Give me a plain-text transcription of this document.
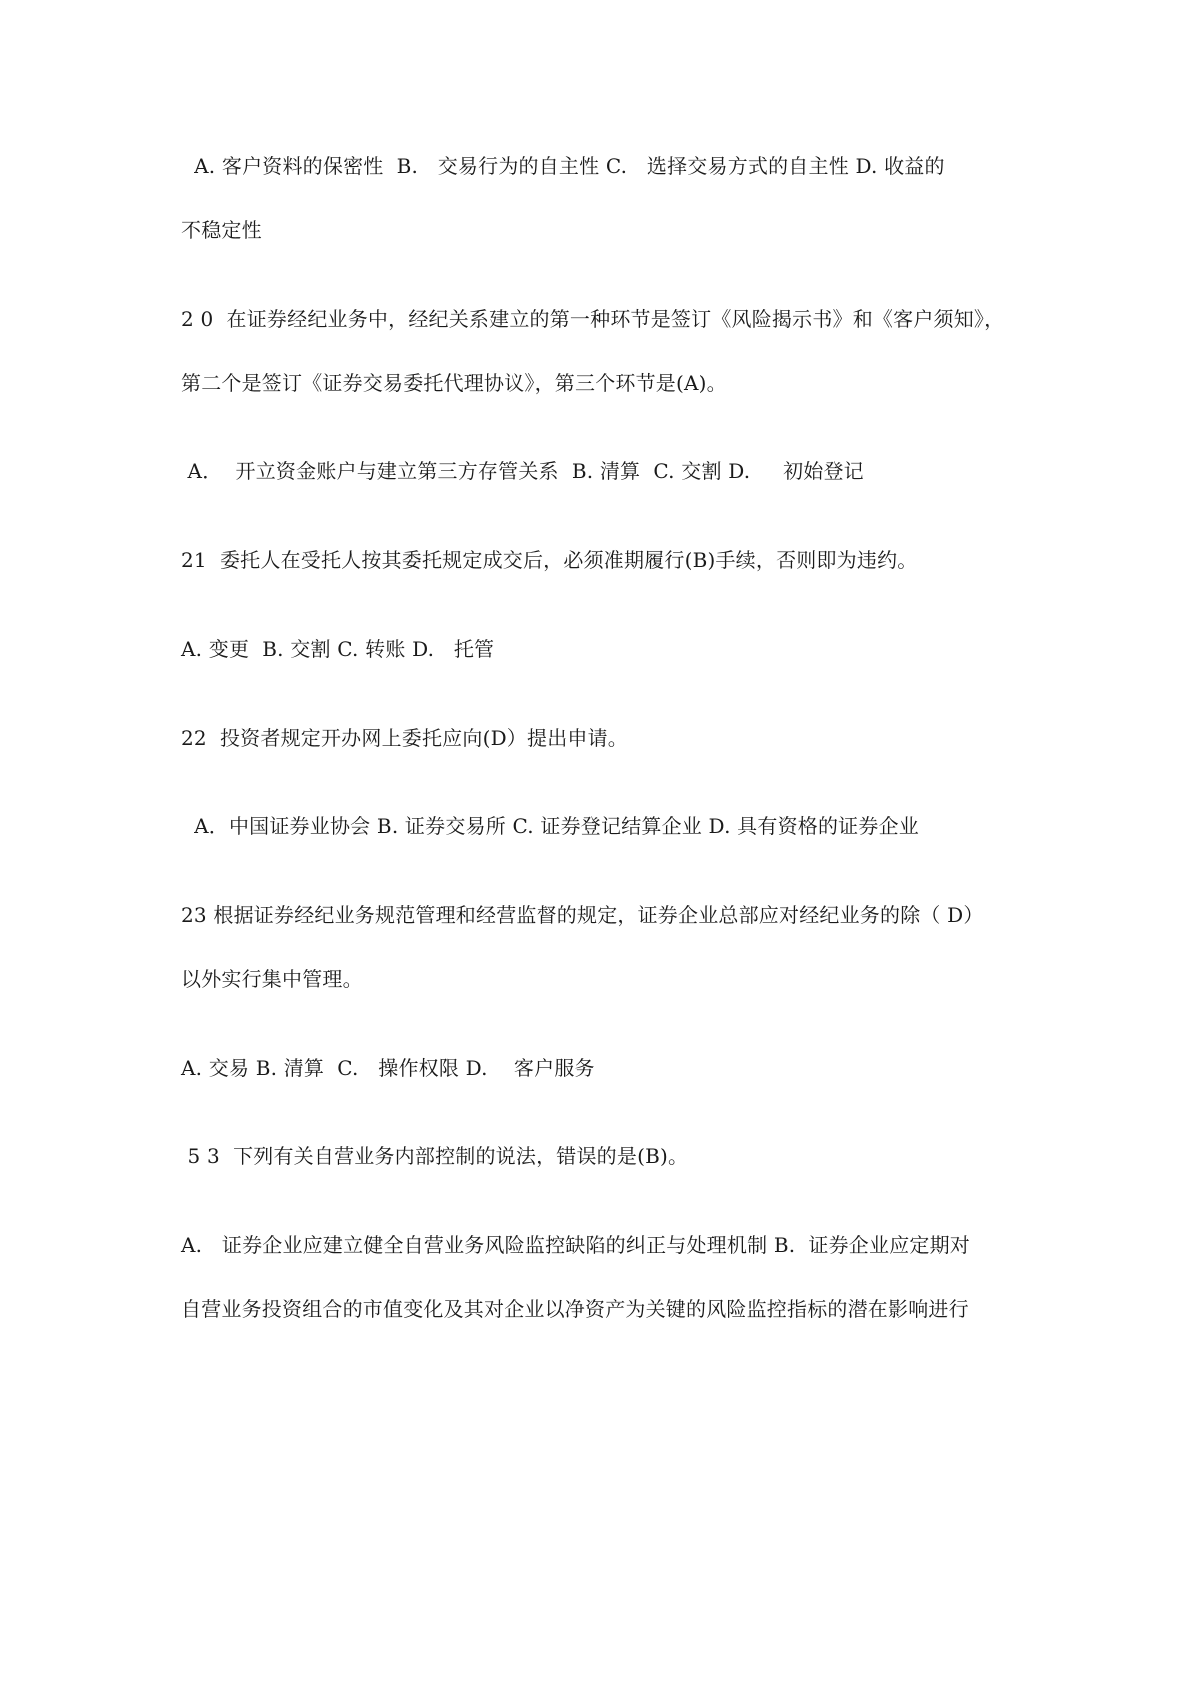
A. 客户资料的保密性  B.   交易行为的自主性 C.   选择交易方式的自主性 D. 收益的
不稳定性
2 0  在证券经纪业务中，经纪关系建立的第一种环节是签订《风险揭示书》和《客户须知》，
第二个是签订《证券交易委托代理协议》，第三个环节是(A)。
A．  开立资金账户与建立第三方存管关系  B. 清算  C. 交割 D.     初始登记
21  委托人在受托人按其委托规定成交后，必须准期履行(B)手续，否则即为违约。
A. 变更  B. 交割 C. 转账 D.   托管
22  投资者规定开办网上委托应向(D）提出申请。
A．中国证券业协会 B. 证券交易所 C. 证券登记结算企业 D. 具有资格的证券企业
23 根据证券经纪业务规范管理和经营监督的规定，证券企业总部应对经纪业务的除（ D）
以外实行集中管理。
A. 交易 B. 清算  C.   操作权限 D.    客户服务
5 3  下列有关自营业务内部控制的说法，错误的是(B)。
A.   证券企业应建立健全自营业务风险监控缺陷的纠正与处理机制 B.  证券企业应定期对
自营业务投资组合的市值变化及其对企业以净资产为关键的风险监控指标的潜在影响进行
